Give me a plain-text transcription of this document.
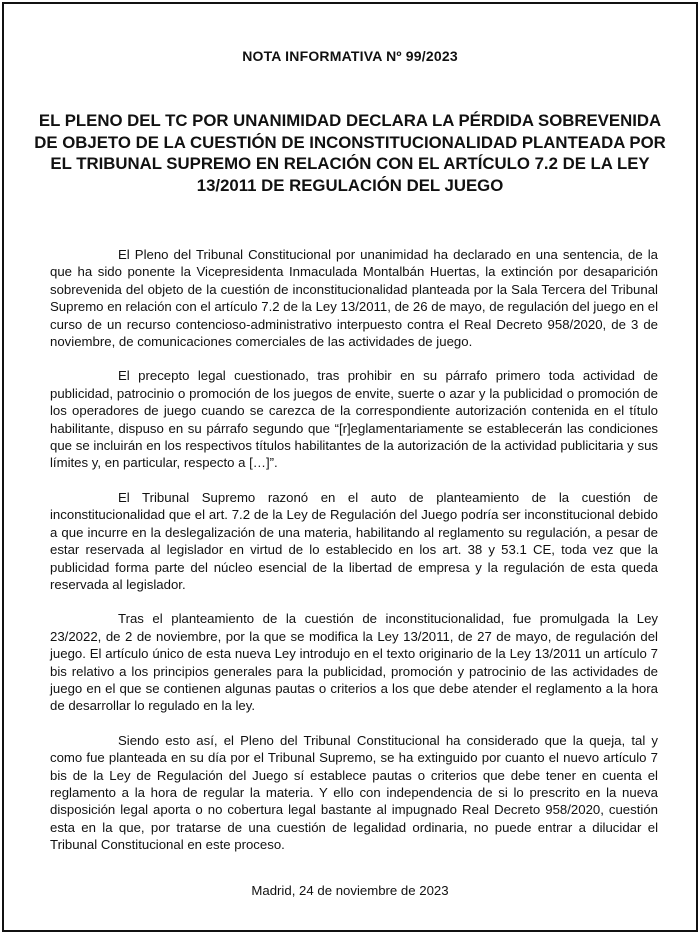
NOTA INFORMATIVA Nº 99/2023
EL PLENO DEL TC POR UNANIMIDAD DECLARA LA PÉRDIDA SOBREVENIDA DE OBJETO DE LA CUESTIÓN DE INCONSTITUCIONALIDAD PLANTEADA POR EL TRIBUNAL SUPREMO EN RELACIÓN CON EL ARTÍCULO 7.2 DE LA LEY 13/2011 DE REGULACIÓN DEL JUEGO

El Pleno del Tribunal Constitucional por unanimidad ha declarado en una sentencia, de la que ha sido ponente la Vicepresidenta Inmaculada Montalbán Huertas, la extinción por desaparición sobrevenida del objeto de la cuestión de inconstitucionalidad planteada por la Sala Tercera del Tribunal Supremo en relación con el artículo 7.2 de la Ley 13/2011, de 26 de mayo, de regulación del juego en el curso de un recurso contencioso-administrativo interpuesto contra el Real Decreto 958/2020, de 3 de noviembre, de comunicaciones comerciales de las actividades de juego.

El precepto legal cuestionado, tras prohibir en su párrafo primero toda actividad de publicidad, patrocinio o promoción de los juegos de envite, suerte o azar y la publicidad o promoción de los operadores de juego cuando se carezca de la correspondiente autorización contenida en el título habilitante, dispuso en su párrafo segundo que “[r]eglamentariamente se establecerán las condiciones que se incluirán en los respectivos títulos habilitantes de la autorización de la actividad publicitaria y sus límites y, en particular, respecto a […]”.

El Tribunal Supremo razonó en el auto de planteamiento de la cuestión de inconstitucionalidad que el art. 7.2 de la Ley de Regulación del Juego podría ser inconstitucional debido a que incurre en la deslegalización de una materia, habilitando al reglamento su regulación, a pesar de estar reservada al legislador en virtud de lo establecido en los art. 38 y 53.1 CE, toda vez que la publicidad forma parte del núcleo esencial de la libertad de empresa y la regulación de esta queda reservada al legislador.

Tras el planteamiento de la cuestión de inconstitucionalidad, fue promulgada la Ley 23/2022, de 2 de noviembre, por la que se modifica la Ley 13/2011, de 27 de mayo, de regulación del juego. El artículo único de esta nueva Ley introdujo en el texto originario de la Ley 13/2011 un artículo 7 bis relativo a los principios generales para la publicidad, promoción y patrocinio de las actividades de juego en el que se contienen algunas pautas o criterios a los que debe atender el reglamento a la hora de desarrollar lo regulado en la ley.

Siendo esto así, el Pleno del Tribunal Constitucional ha considerado que la queja, tal y como fue planteada en su día por el Tribunal Supremo, se ha extinguido por cuanto el nuevo artículo 7 bis de la Ley de Regulación del Juego sí establece pautas o criterios que debe tener en cuenta el reglamento a la hora de regular la materia. Y ello con independencia de si lo prescrito en la nueva disposición legal aporta o no cobertura legal bastante al impugnado Real Decreto 958/2020, cuestión esta en la que, por tratarse de una cuestión de legalidad ordinaria, no puede entrar a dilucidar el Tribunal Constitucional en este proceso.

Madrid, 24 de noviembre de 2023
